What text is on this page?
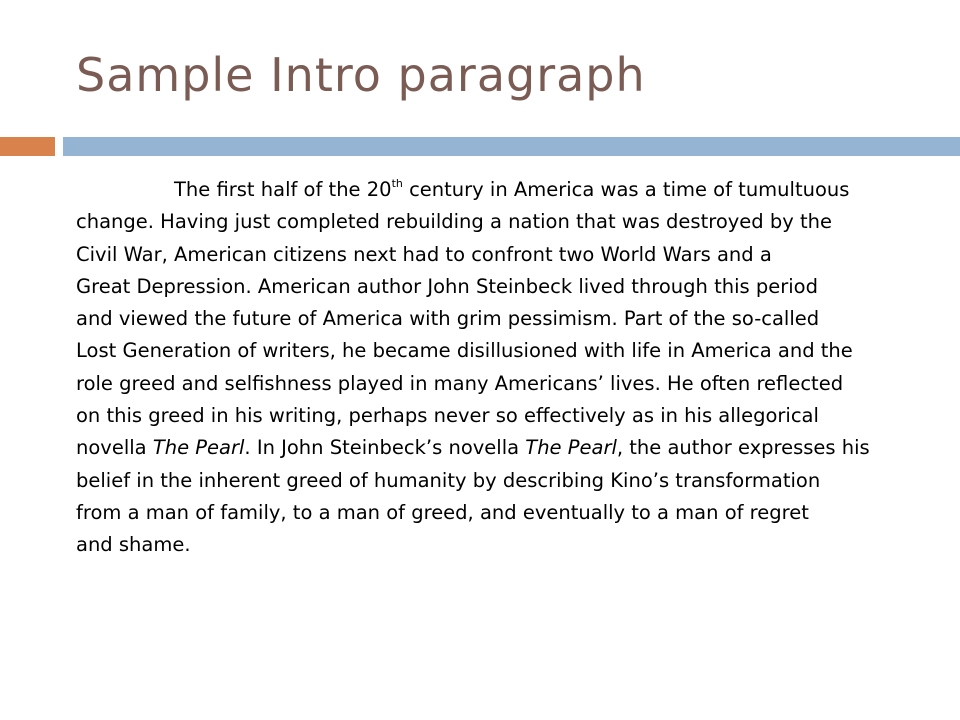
Sample Intro paragraph
The first half of the 20th century in America was a time of tumultuous
change. Having just completed rebuilding a nation that was destroyed by the
Civil War, American citizens next had to confront two World Wars and a
Great Depression. American author John Steinbeck lived through this period
and viewed the future of America with grim pessimism. Part of the so-called
Lost Generation of writers, he became disillusioned with life in America and the
role greed and selfishness played in many Americans’ lives. He often reflected
on this greed in his writing, perhaps never so effectively as in his allegorical
novella The Pearl. In John Steinbeck’s novella The Pearl, the author expresses his
belief in the inherent greed of humanity by describing Kino’s transformation
from a man of family, to a man of greed, and eventually to a man of regret
and shame.
